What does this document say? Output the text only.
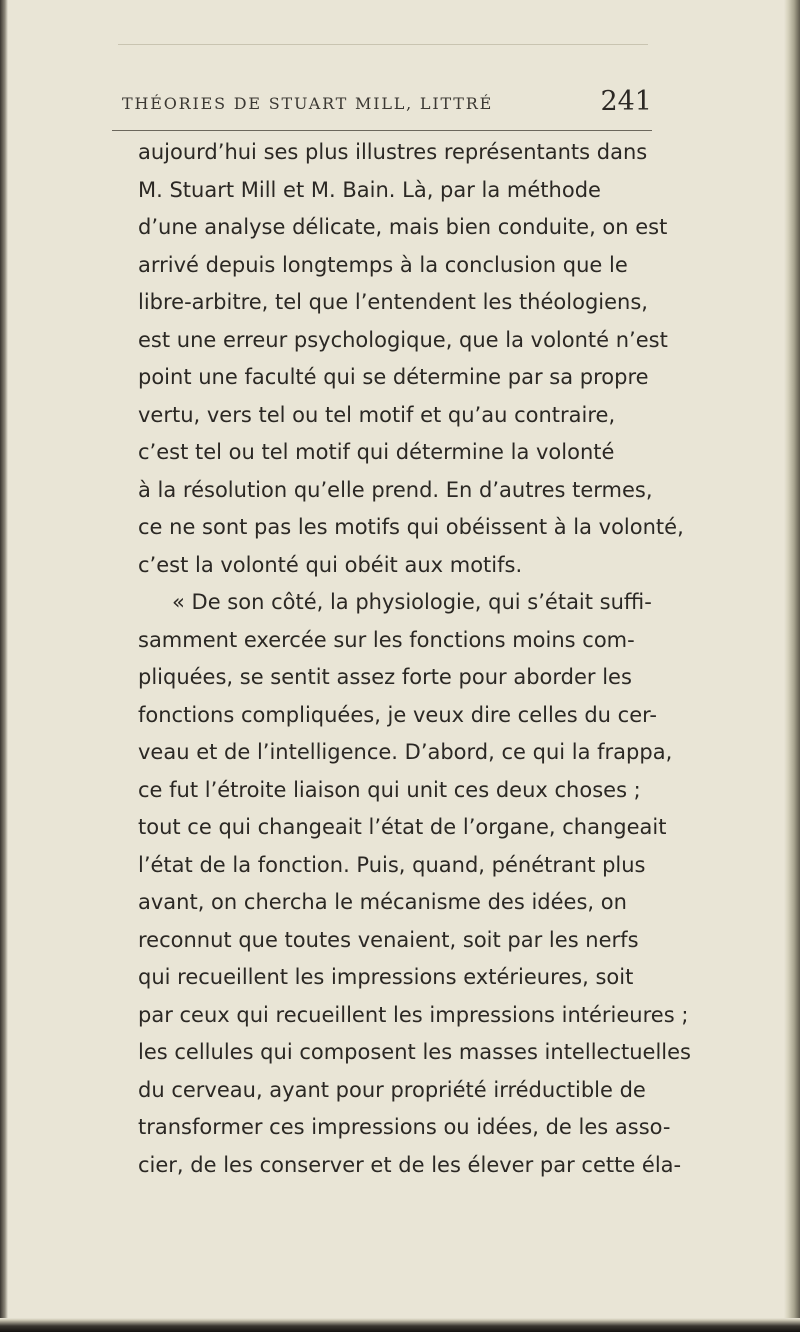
THÉORIES DE STUART MILL, LITTRÉ	241
aujourd’hui ses plus illustres représentants dans
M. Stuart Mill et M. Bain. Là, par la méthode
d’une analyse délicate, mais bien conduite, on est
arrivé depuis longtemps à la conclusion que le
libre-arbitre, tel que l’entendent les théologiens,
est une erreur psychologique, que la volonté n’est
point une faculté qui se détermine par sa propre
vertu, vers tel ou tel motif et qu’au contraire,
c’est tel ou tel motif qui détermine la volonté
à la résolution qu’elle prend. En d’autres termes,
ce ne sont pas les motifs qui obéissent à la volonté,
c’est la volonté qui obéit aux motifs.
« De son côté, la physiologie, qui s’était suffi-
samment exercée sur les fonctions moins com-
pliquées, se sentit assez forte pour aborder les
fonctions compliquées, je veux dire celles du cer-
veau et de l’intelligence. D’abord, ce qui la frappa,
ce fut l’étroite liaison qui unit ces deux choses ;
tout ce qui changeait l’état de l’organe, changeait
l’état de la fonction. Puis, quand, pénétrant plus
avant, on chercha le mécanisme des idées, on
reconnut que toutes venaient, soit par les nerfs
qui recueillent les impressions extérieures, soit
par ceux qui recueillent les impressions intérieures ;
les cellules qui composent les masses intellectuelles
du cerveau, ayant pour propriété irréductible de
transformer ces impressions ou idées, de les asso-
cier, de les conserver et de les élever par cette éla-
